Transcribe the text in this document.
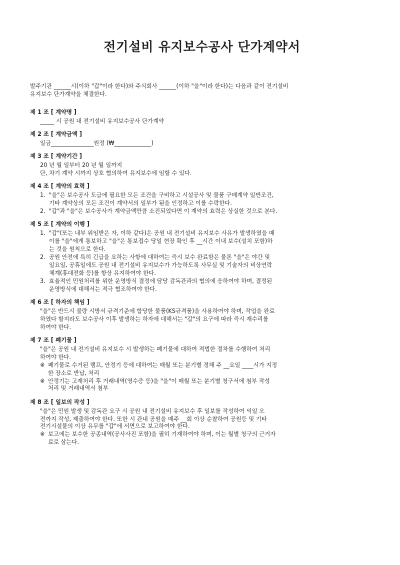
전기설비 유지보수공사 단가계약서
발주기관 ______시(이하 "갑"이라 한다)와 주식회사 ______(이하 "을"이라 한다)는 다음과 같이 전기설비
유지보수 단가계약을 체결한다.
제 1 조 [ 계약명 ]
_____ 시 공원 내 전기설비 유지보수공사 단가계약
제 2 조 [ 계약금액 ]
일금_______________원정 (₩_____________)
제 3 조 [ 계약기간 ]
20 년 월 일부터 20 년 월 일까지
단, 차기 계약 시까지 상호 협의하여 유지보수에 임할 수 있다.
제 4 조 [ 계약의 효력 ]
1. "을"은 보수공사 도급에 필요한 모든 조건을 구비하고 시설공사 및 물품 구매계약 일반조건,
기타 계약상의 모든 조건이 계약서의 일부가 됨을 인정하고 이를 수락한다.
2. "갑"과 "을"은 보수공사가 계약금액만큼 소진되었다면 이 계약의 효력은 상실한 것으로 본다.
제 5 조 [ 계약의 이행 ]
1. "갑"(또는 내부 위임받은 자, 이하 같다)은 공원 내 전기설비 유지보수 사유가 발생하였을 때
이를 "을"에게 통보하고 "을"은 통보접수 당일 현장 확인 후 __시간 이내 보수(설치 포함)하
는 것을 원칙으로 한다.
2. 공원 안전에 특히 긴급을 요하는 사항에 대하여는 즉시 보수 완료함은 물론 "을"은 야간 및
일요일, 공휴일에도 공원 내 전기설비 유지보수가 가능하도록 사무실 및 기술자의 비상연락
체계(휴대전화 등)를 항상 유지하여야 한다.
3. 효율적인 민원처리를 위한 운영방식 결정에 담당 감독관과의 협의에 응하여야 하며, 결정된
운영방식에 대해서는 적극 협조하여야 한다.
제 6 조 [ 하자의 책임 ]
"을"은 반드시 불량 시방서 규격기준에 합당한 물품(KS규격품)을 사용하여야 하며, 작업을 완료
하였다 할지라도 보수공사 이후 발생하는 하자에 대해서는 "갑"의 요구에 따라 즉시 재수리를
하여야 한다.
제 7 조 [ 폐기물 ]
"을"은 공원 내 전기설비 유지보수 시 발생하는 폐기물에 대하여 적법한 절차를 수행하여 처리
하여야 한다.
※ 폐기물로 수거된 램프, 안정기 등에 대하여는 매월 또는 분기별 정해 주 __요일 ____시가 지정
한 장소로 반납, 처리
※ 안정기는 고재처리 후 거래내역(영수증 등)을 "을"이 매월 또는 분기별 청구서에 첨부 작성
처리 및 거래내역서 첨부
제 8 조 [ 일보의 작성 ]
"을"은 민원 발생 및 감독관 요구 시 공원 내 전기설비 유지보수 후 일보를 작성하여 익일 오
전까지 작성, 제출하여야 한다. 또한 시 관내 공원을 매주 __회 이상 순찰하여 공원등 및 기타
전기시설물의 이상 유무를 "갑"에 서면으로 보고하여야 한다.
※ 보고에는 보수한 공종내역(공사사진 포함)을 필히 기재하여야 하며, 이는 월별 청구의 근거자
료로 삼는다.
